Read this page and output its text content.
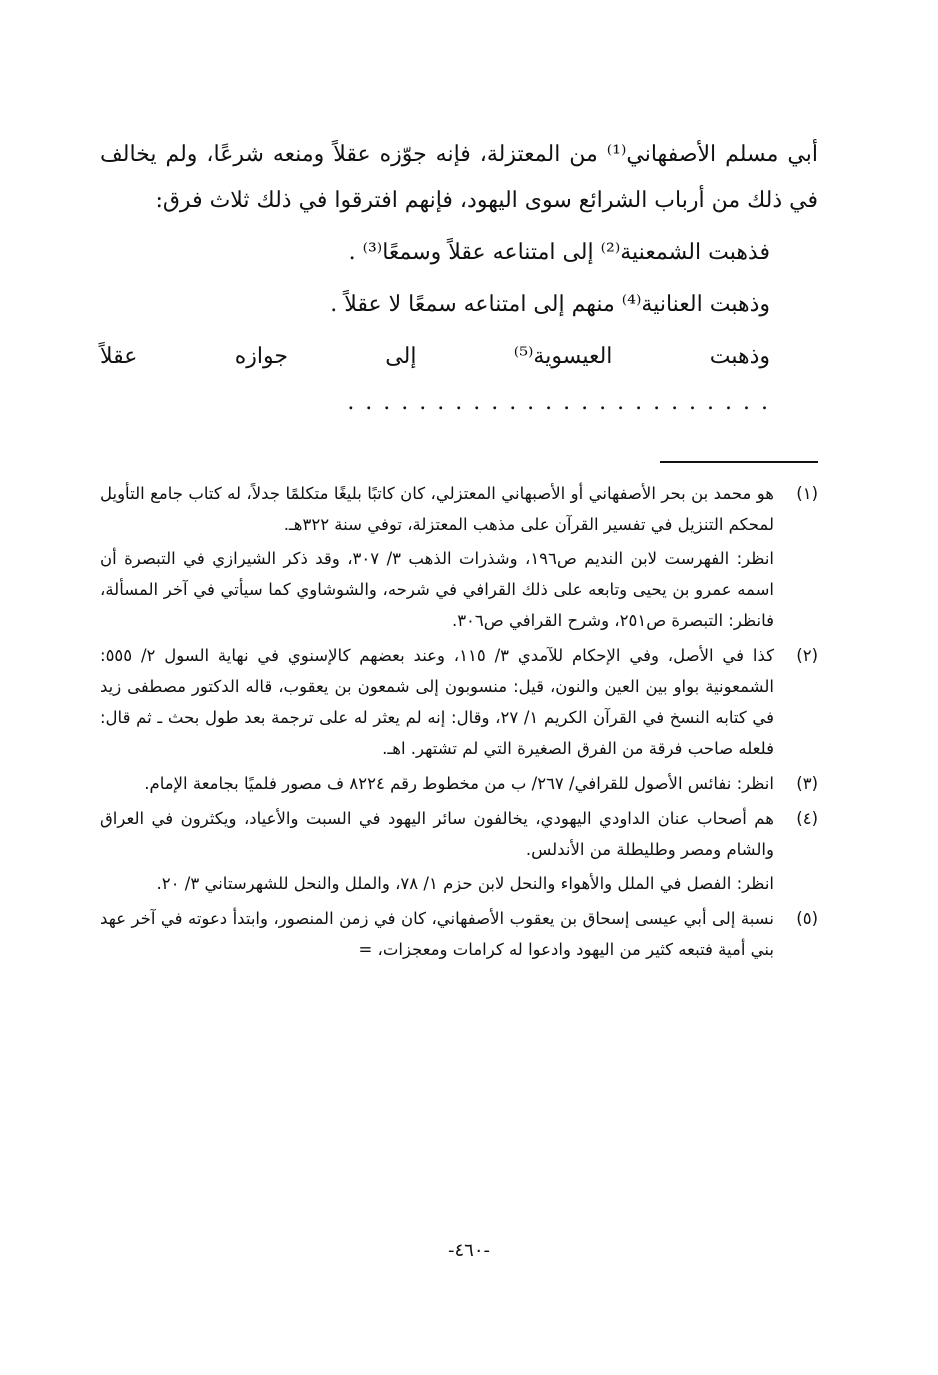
أبي مسلم الأصفهاني⁽¹⁾ من المعتزلة، فإنه جوّزه عقلاً ومنعه شرعًا، ولم يخالف في ذلك من أرباب الشرائع سوى اليهود، فإنهم افترقوا في ذلك ثلاث فرق:

فذهبت الشمعنية⁽²⁾ إلى امتناعه عقلاً وسمعًا⁽³⁾ .

وذهبت العنانية⁽⁴⁾ منهم إلى امتناعه سمعًا لا عقلاً .

وذهبت العيسوية⁽⁵⁾ إلى جوازه عقلاً . . . . . . . . . . . . . . . . . . . . . . . .

(١)

هو محمد بن بحر الأصفهاني أو الأصبهاني المعتزلي، كان كاتبًا بليغًا متكلمًا جدلاً، له كتاب جامع التأويل لمحكم التنزيل في تفسير القرآن على مذهب المعتزلة، توفي سنة ٣٢٢هـ.

انظر: الفهرست لابن النديم ص١٩٦، وشذرات الذهب ٣/ ٣٠٧، وقد ذكر الشيرازي في التبصرة أن اسمه عمرو بن يحيى وتابعه على ذلك القرافي في شرحه، والشوشاوي كما سيأتي في آخر المسألة، فانظر: التبصرة ص٢٥١، وشرح القرافي ص٣٠٦.

(٢)

كذا في الأصل، وفي الإحكام للآمدي ٣/ ١١٥، وعند بعضهم كالإسنوي في نهاية السول ٢/ ٥٥٥: الشمعونية بواو بين العين والنون، قيل: منسوبون إلى شمعون بن يعقوب، قاله الدكتور مصطفى زيد في كتابه النسخ في القرآن الكريم ١/ ٢٧، وقال: إنه لم يعثر له على ترجمة بعد طول بحث ـ ثم قال: فلعله صاحب فرقة من الفرق الصغيرة التي لم تشتهر. اهـ.

(٣)

انظر: نفائس الأصول للقرافي/ ٢٦٧/ ب من مخطوط رقم ٨٢٢٤ ف مصور فلميًا بجامعة الإمام.

(٤)

هم أصحاب عنان الداودي اليهودي، يخالفون سائر اليهود في السبت والأعياد، ويكثرون في العراق والشام ومصر وطليطلة من الأندلس.

انظر: الفصل في الملل والأهواء والنحل لابن حزم ١/ ٧٨، والملل والنحل للشهرستاني ٣/ ٢٠.

(٥)

نسبة إلى أبي عيسى إسحاق بن يعقوب الأصفهاني، كان في زمن المنصور، وابتدأ دعوته في آخر عهد بني أمية فتبعه كثير من اليهود وادعوا له كرامات ومعجزات، =

-٤٦٠-
